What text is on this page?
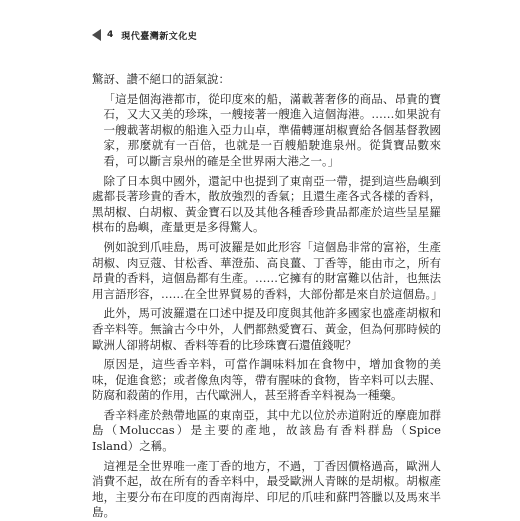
4 現代臺灣新文化史

驚訝、讚不絕口的語氣說：

「這是個海港都市，從印度來的船，滿載著奢侈的商品、昂貴的寶石，又大又美的珍珠，一艘接著一艘進入這個海港。……如果說有一艘載著胡椒的船進入亞力山卓，準備轉運胡椒賣給各個基督教國家，那麼就有一百倍，也就是一百艘船駛進泉州。從貨寶品數來看，可以斷言泉州的確是全世界兩大港之一。」

除了日本與中國外，還記中也提到了東南亞一帶，提到這些島嶼到處都長著珍貴的香木，散放強烈的香氣；且還生產各式各樣的香料，黑胡椒、白胡椒、黃金寶石以及其他各種香珍貴品都產於這些呈星羅棋布的島嶼，產量更是多得驚人。

例如說到爪哇島，馬可波羅是如此形容「這個島非常的富裕，生產胡椒、肉豆蔻、甘松香、華澄茄、高良薑、丁香等，能由市之，所有昂貴的香料，這個島都有生產。……它擁有的財富難以估計，也無法用言語形容，……在全世界貿易的香料，大部份都是來自於這個島。」

此外，馬可波羅還在口述中提及印度與其他許多國家也盛產胡椒和香辛料等。無論古今中外，人們都熱愛寶石、黃金，但為何那時候的歐洲人卻將胡椒、香料等看的比珍珠寶石還值錢呢？

原因是，這些香辛料，可當作調味料加在食物中，增加食物的美味，促進食慾；或者像魚肉等，帶有腥味的食物，皆辛料可以去腥、防腐和殺菌的作用，古代歐洲人，甚至將香辛料視為一種藥。

香辛料產於熱帶地區的東南亞，其中尤以位於赤道附近的摩鹿加群島（Moluccas）是主要的產地，故該島有香料群島（Spice Island）之稱。

這裡是全世界唯一產丁香的地方，不過，丁香因價格過高，歐洲人消費不起，故在所有的香辛料中，最受歐洲人青睞的是胡椒。胡椒產地，主要分布在印度的西南海岸、印尼的爪哇和蘇門答臘以及馬來半島。
